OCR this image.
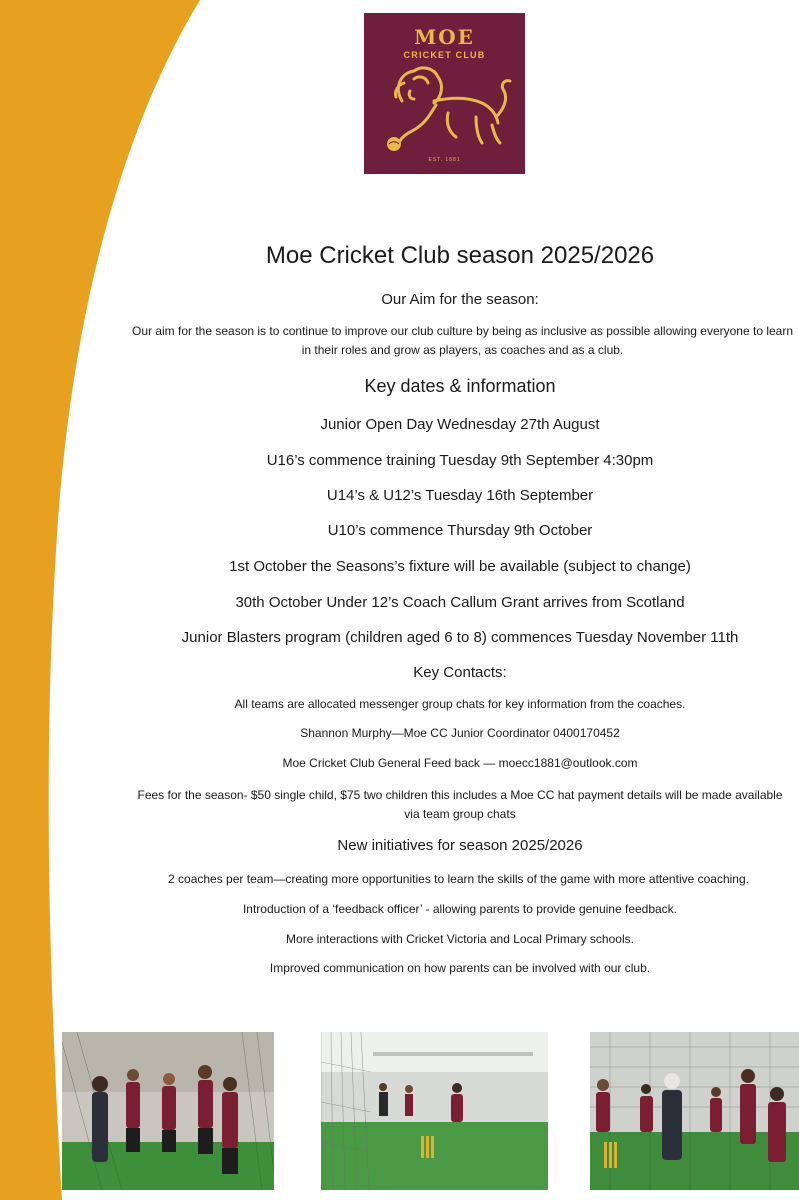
MOE
CRICKET CLUB
EST. 1881
Moe Cricket Club season 2025/2026
Our Aim for the season:
Our aim for the season is to continue to improve our club culture by being as inclusive as possible allowing everyone to learn in their roles and grow as players, as coaches and as a club.
Key dates & information
Junior Open Day Wednesday 27th August
U16’s commence training Tuesday 9th September 4:30pm
U14’s & U12’s Tuesday 16th September
U10’s commence Thursday 9th October
1st October the Seasons’s fixture will be available (subject to change)
30th October Under 12’s Coach Callum Grant arrives from Scotland
Junior Blasters program (children aged 6 to 8) commences Tuesday November 11th
Key Contacts:
All teams are allocated messenger group chats for key information from the coaches.
Shannon Murphy—Moe CC Junior Coordinator 0400170452
Moe Cricket Club General Feed back — moecc1881@outlook.com
Fees for the season- $50 single child, $75 two children this includes a Moe CC hat payment details will be made available via team group chats
New initiatives for season 2025/2026
2 coaches per team—creating more opportunities to learn the skills of the game with more attentive coaching.
Introduction of a ‘feedback officer’ - allowing parents to provide genuine feedback.
More interactions with Cricket Victoria and Local Primary schools.
Improved communication on how parents can be involved with our club.
